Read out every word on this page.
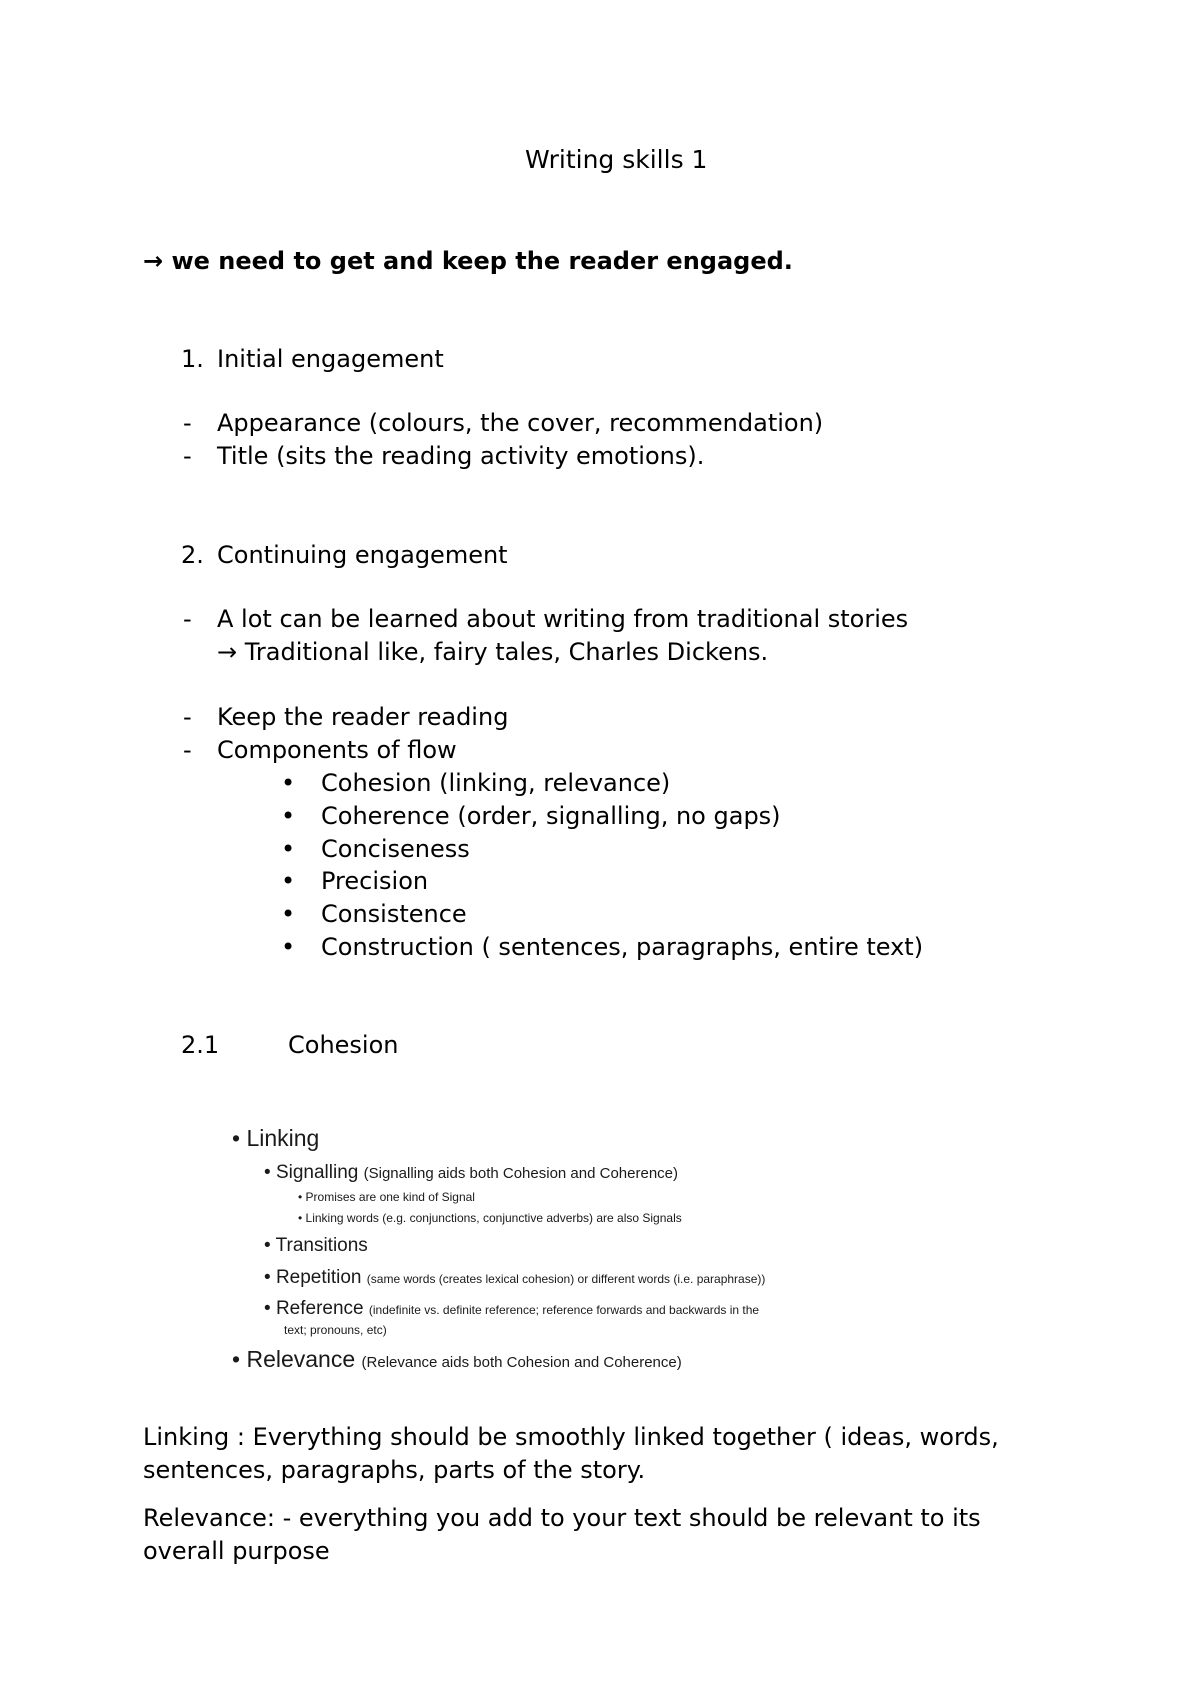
Writing skills 1
→ we need to get and keep the reader engaged.
1. Initial engagement
- Appearance (colours, the cover, recommendation)
- Title (sits the reading activity emotions).
2. Continuing engagement
- A lot can be learned about writing from traditional stories
→ Traditional like, fairy tales, Charles Dickens.
- Keep the reader reading
- Components of flow
• Cohesion (linking, relevance)
• Coherence (order, signalling, no gaps)
• Conciseness
• Precision
• Consistence
• Construction ( sentences, paragraphs, entire text)
2.1	Cohesion
• Linking
• Signalling (Signalling aids both Cohesion and Coherence)
• Promises are one kind of Signal
• Linking words (e.g. conjunctions, conjunctive adverbs) are also Signals
• Transitions
• Repetition (same words (creates lexical cohesion) or different words (i.e. paraphrase))
• Reference (indefinite vs. definite reference; reference forwards and backwards in the
text; pronouns, etc)
• Relevance (Relevance aids both Cohesion and Coherence)
Linking : Everything should be smoothly linked together ( ideas, words,
sentences, paragraphs, parts of the story.
Relevance: - everything you add to your text should be relevant to its
overall purpose
